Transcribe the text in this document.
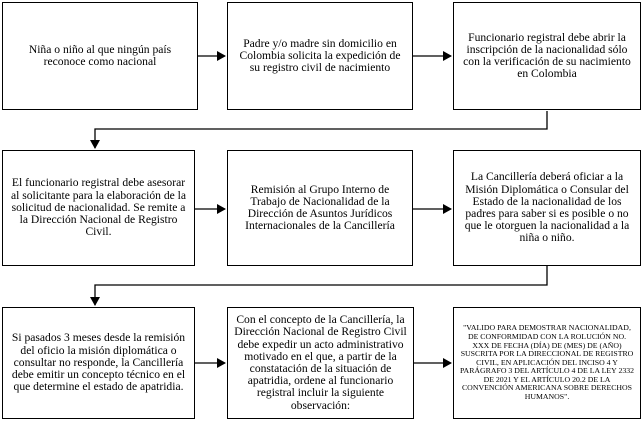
Niña o niño al que ningún país reconoce como nacional
Padre y/o madre sin domicilio en Colombia solicita la expedición de su registro civil de nacimiento
Funcionario registral debe abrir la inscripción de la nacionalidad sólo con la verificación de su nacimiento en Colombia
El funcionario registral debe asesorar al solicitante para la elaboración de la solicitud de nacionalidad. Se remite a la Dirección Nacional de Registro Civil.
Remisión al Grupo Interno de Trabajo de Nacionalidad de la Dirección de Asuntos Jurídicos Internacionales de la Cancillería
La Cancillería deberá oficiar a la Misión Diplomática o Consular del Estado de la nacionalidad de los padres para saber si es posible o no que le otorguen la nacionalidad a la niña o niño.
Si pasados 3 meses desde la remisión del oficio la misión diplomática o consultar no responde, la Cancillería debe emitir un concepto técnico en el que determine el estado de apatridia.
Con el concepto de la Cancillería, la Dirección Nacional de Registro Civil debe expedir un acto administrativo motivado en el que, a partir de la constatación de la situación de apatridia, ordene al funcionario registral incluir la siguiente observación:
"VALIDO PARA DEMOSTRAR NACIONALIDAD, DE CONFORMIDAD CON LA ROLUCIÓN NO. XXX DE FECHA (DÍA) DE (MES) DE (AÑO) SUSCRITA POR LA DIRECCIONAL DE REGISTRO CIVIL, EN APLICACIÓN DEL INCISO 4 Y PARÁGRAFO 3 DEL ARTÍCULO 4 DE LA LEY 2332 DE 2021 Y EL ARTÍCULO 20.2 DE LA CONVENCIÓN AMERICANA SOBRE DERECHOS HUMANOS".
